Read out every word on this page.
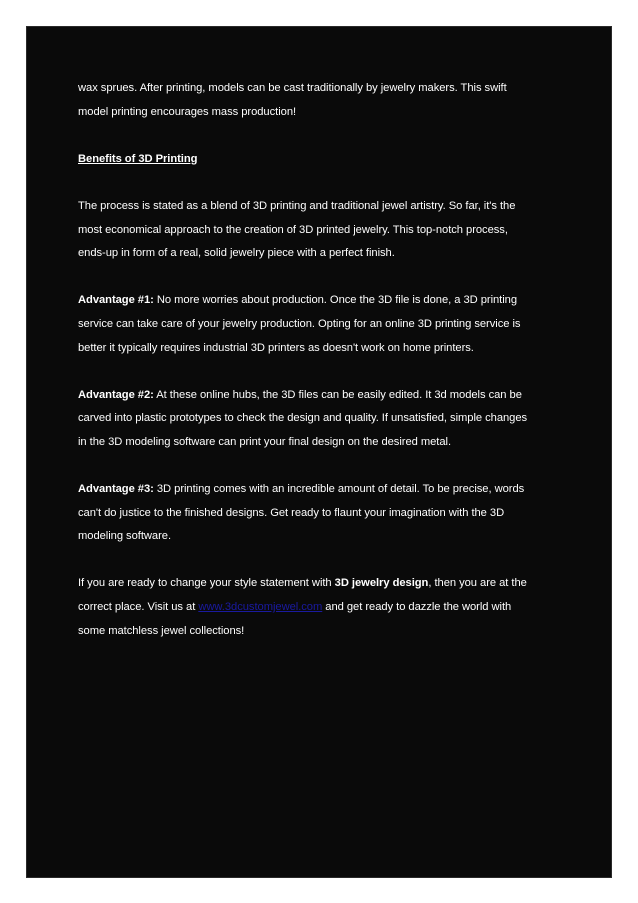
wax sprues. After printing, models can be cast traditionally by jewelry makers. This swift

model printing encourages mass production!

Benefits of 3D Printing

The process is stated as a blend of 3D printing and traditional jewel artistry. So far, it's the

most economical approach to the creation of 3D printed jewelry. This top-notch process,

ends-up in form of a real, solid jewelry piece with a perfect finish.

Advantage #1: No more worries about production. Once the 3D file is done, a 3D printing

service can take care of your jewelry production. Opting for an online 3D printing service is

better it typically requires industrial 3D printers as doesn't work on home printers.

Advantage #2: At these online hubs, the 3D files can be easily edited. It 3d models can be

carved into plastic prototypes to check the design and quality. If unsatisfied, simple changes

in the 3D modeling software can print your final design on the desired metal.

Advantage #3: 3D printing comes with an incredible amount of detail. To be precise, words

can't do justice to the finished designs. Get ready to flaunt your imagination with the 3D

modeling software.

If you are ready to change your style statement with 3D jewelry design, then you are at the

correct place. Visit us at www.3dcustomjewel.com and get ready to dazzle the world with

some matchless jewel collections!
